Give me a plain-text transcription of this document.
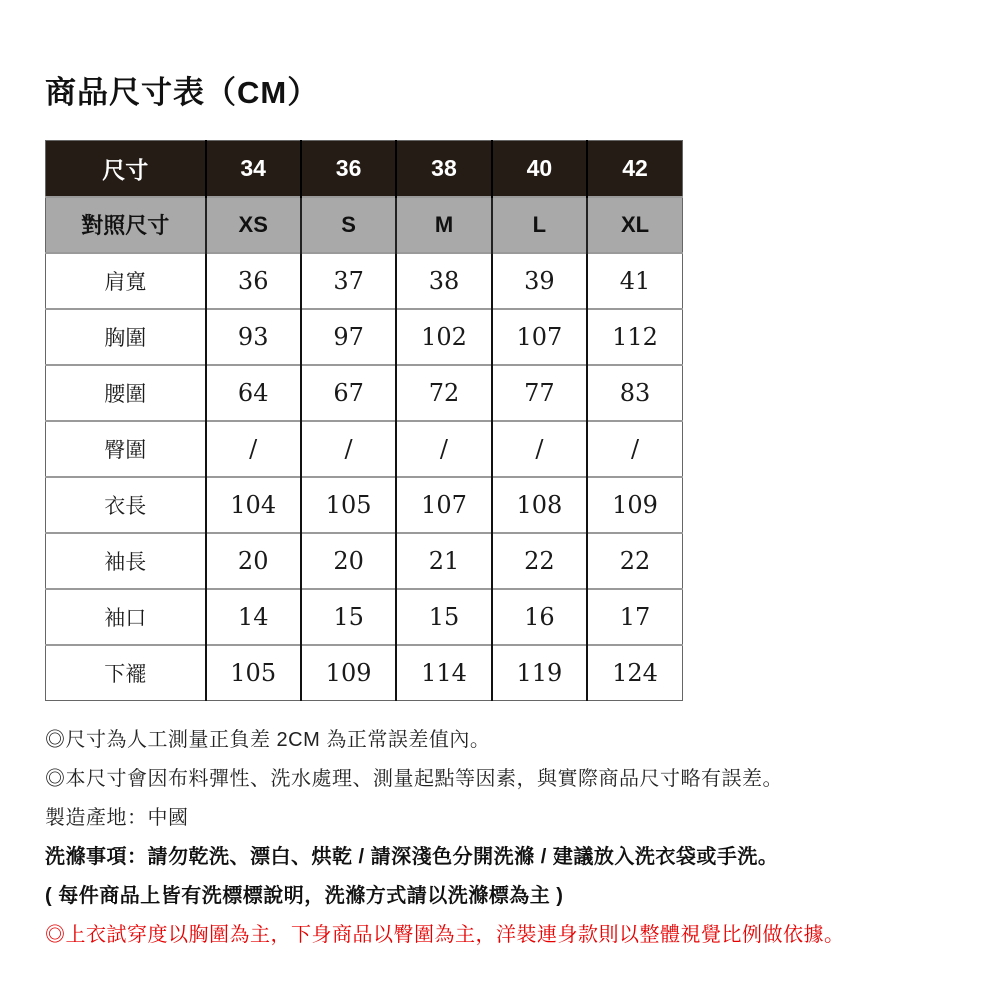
商品尺寸表（CM）
尺寸	34	36	38	40	42
對照尺寸	XS	S	M	L	XL
肩寬	36	37	38	39	41
胸圍	93	97	102	107	112
腰圍	64	67	72	77	83
臀圍	/	/	/	/	/
衣長	104	105	107	108	109
袖長	20	20	21	22	22
袖口	14	15	15	16	17
下襬	105	109	114	119	124

◎尺寸為人工測量正負差 2CM 為正常誤差值內。

◎本尺寸會因布料彈性、洗水處理、測量起點等因素，與實際商品尺寸略有誤差。

製造產地：中國

洗滌事項：請勿乾洗、漂白、烘乾 / 請深淺色分開洗滌 / 建議放入洗衣袋或手洗。

( 每件商品上皆有洗標標說明，洗滌方式請以洗滌標為主 )

◎上衣試穿度以胸圍為主，下身商品以臀圍為主，洋裝連身款則以整體視覺比例做依據。
